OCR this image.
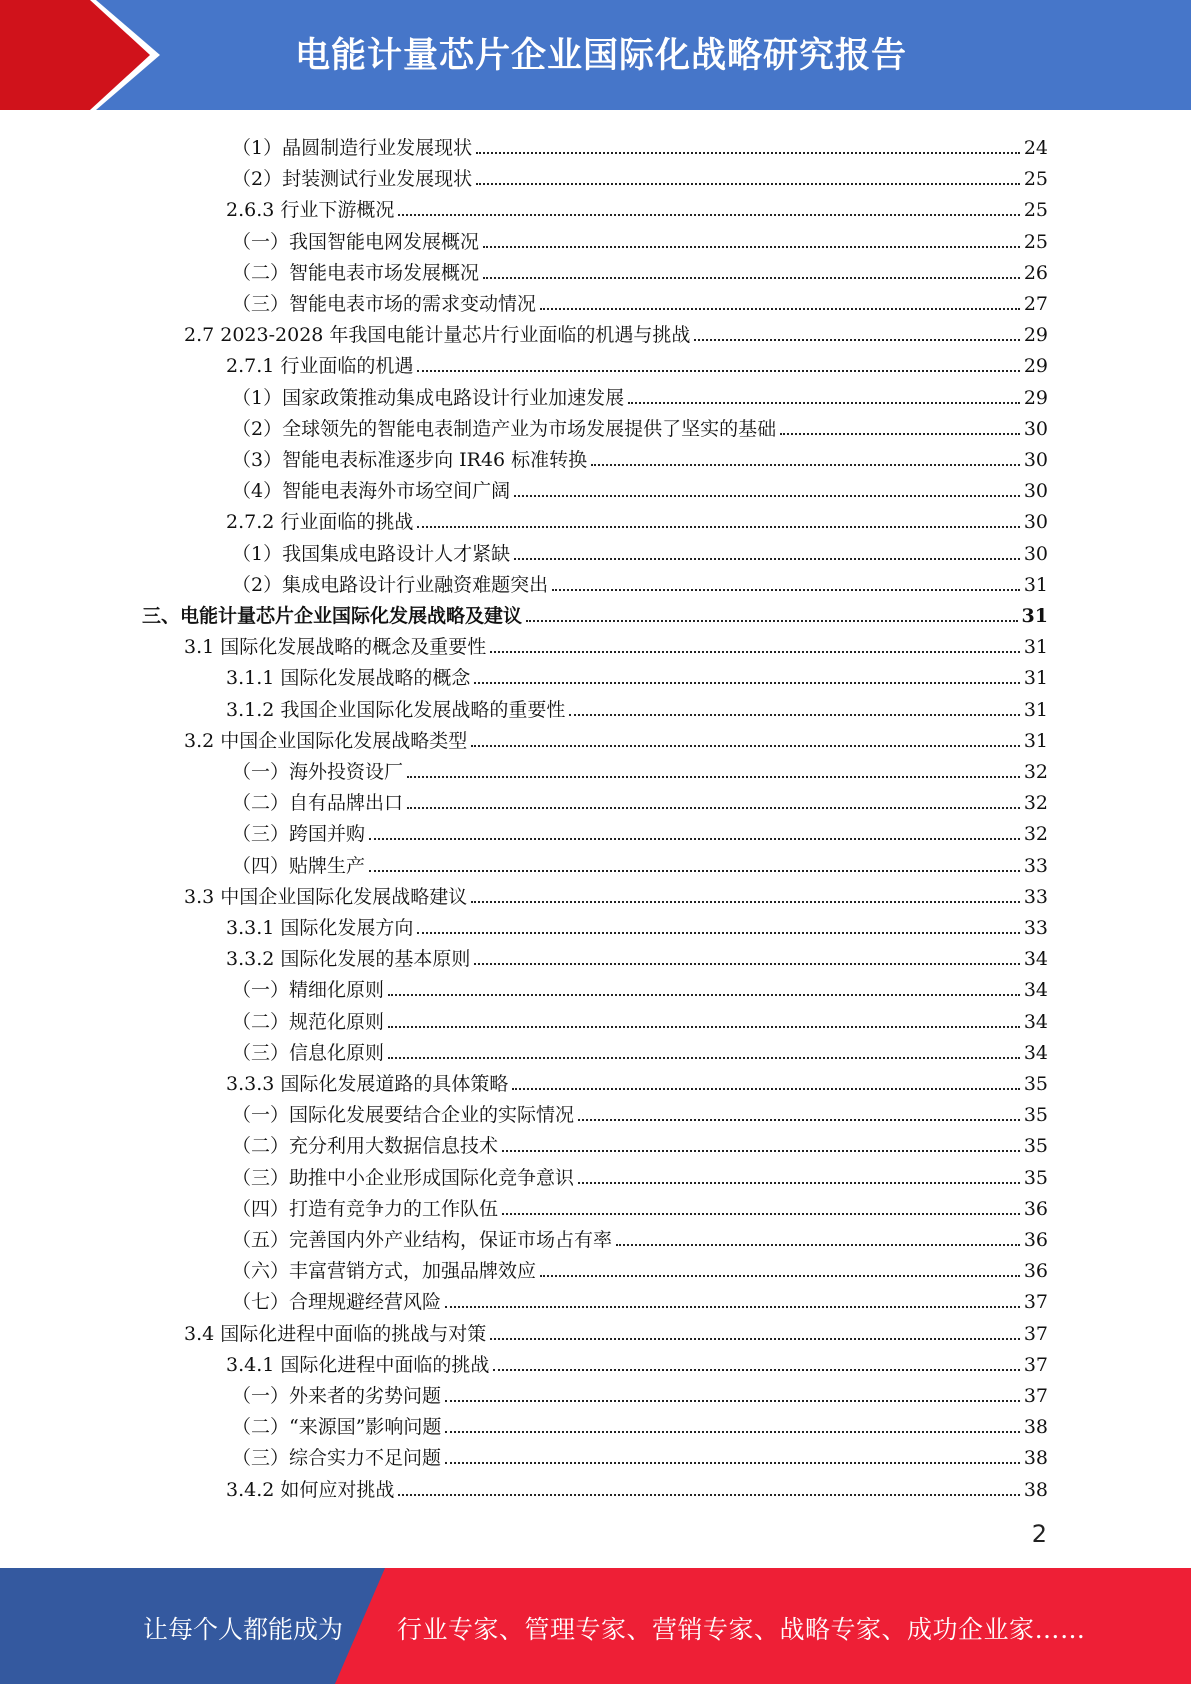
电能计量芯片企业国际化战略研究报告
（1）晶圆制造行业发展现状	24
（2）封装测试行业发展现状	25
2.6.3 行业下游概况	25
（一）我国智能电网发展概况	25
（二）智能电表市场发展概况	26
（三）智能电表市场的需求变动情况	27
2.7 2023-2028 年我国电能计量芯片行业面临的机遇与挑战	29
2.7.1 行业面临的机遇	29
（1）国家政策推动集成电路设计行业加速发展	29
（2）全球领先的智能电表制造产业为市场发展提供了坚实的基础	30
（3）智能电表标准逐步向 IR46 标准转换	30
（4）智能电表海外市场空间广阔	30
2.7.2 行业面临的挑战	30
（1）我国集成电路设计人才紧缺	30
（2）集成电路设计行业融资难题突出	31
三、电能计量芯片企业国际化发展战略及建议	31
3.1 国际化发展战略的概念及重要性	31
3.1.1 国际化发展战略的概念	31
3.1.2 我国企业国际化发展战略的重要性	31
3.2 中国企业国际化发展战略类型	31
（一）海外投资设厂	32
（二）自有品牌出口	32
（三）跨国并购	32
（四）贴牌生产	33
3.3 中国企业国际化发展战略建议	33
3.3.1 国际化发展方向	33
3.3.2 国际化发展的基本原则	34
（一）精细化原则	34
（二）规范化原则	34
（三）信息化原则	34
3.3.3 国际化发展道路的具体策略	35
（一）国际化发展要结合企业的实际情况	35
（二）充分利用大数据信息技术	35
（三）助推中小企业形成国际化竞争意识	35
（四）打造有竞争力的工作队伍	36
（五）完善国内外产业结构，保证市场占有率	36
（六）丰富营销方式，加强品牌效应	36
（七）合理规避经营风险	37
3.4 国际化进程中面临的挑战与对策	37
3.4.1 国际化进程中面临的挑战	37
（一）外来者的劣势问题	37
（二）“来源国”影响问题	38
（三）综合实力不足问题	38
3.4.2 如何应对挑战	38
2
让每个人都能成为 行业专家、管理专家、营销专家、战略专家、成功企业家……
